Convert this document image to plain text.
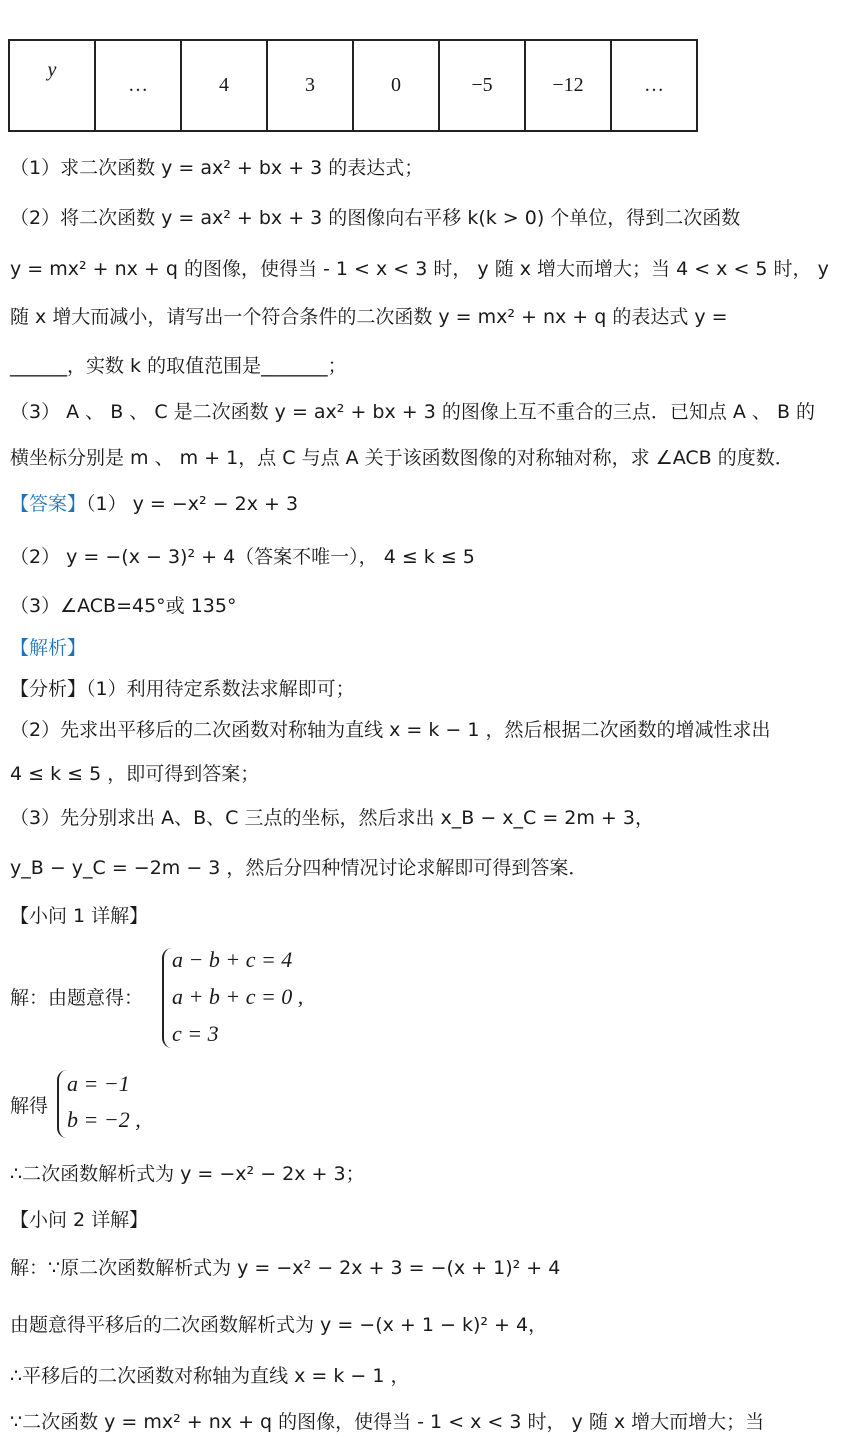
y	…	4	3	0	−5	−12	…
（1）求二次函数 y = ax² + bx + 3 的表达式；
（2）将二次函数 y = ax² + bx + 3 的图像向右平移 k(k > 0) 个单位，得到二次函数
y = mx² + nx + q 的图像，使得当 - 1 < x < 3 时， y 随 x 增大而增大；当 4 < x < 5 时， y
随 x 增大而减小，请写出一个符合条件的二次函数 y = mx² + nx + q 的表达式 y =
______，实数 k 的取值范围是_______；
（3） A 、 B 、 C 是二次函数 y = ax² + bx + 3 的图像上互不重合的三点．已知点 A 、 B 的
横坐标分别是 m 、 m + 1，点 C 与点 A 关于该函数图像的对称轴对称，求 ∠ACB 的度数．
【答案】（1） y = −x² − 2x + 3
（2） y = −(x − 3)² + 4（答案不唯一）， 4 ≤ k ≤ 5
（3）∠ACB=45°或 135°
【解析】
【分析】（1）利用待定系数法求解即可；
（2）先求出平移后的二次函数对称轴为直线 x = k − 1 ，然后根据二次函数的增减性求出
4 ≤ k ≤ 5 ，即可得到答案；
（3）先分别求出 A、B、C 三点的坐标，然后求出 x_B − x_C = 2m + 3，
y_B − y_C = −2m − 3 ，然后分四种情况讨论求解即可得到答案．
【小问 1 详解】
解：由题意得：
a − b + c = 4
a + b + c = 0 ,
c = 3
解得
a = −1
b = −2 ,
∴二次函数解析式为 y = −x² − 2x + 3；
【小问 2 详解】
解：∵原二次函数解析式为 y = −x² − 2x + 3 = −(x + 1)² + 4
由题意得平移后的二次函数解析式为 y = −(x + 1 − k)² + 4，
∴平移后的二次函数对称轴为直线 x = k − 1 ，
∵二次函数 y = mx² + nx + q 的图像，使得当 - 1 < x < 3 时， y 随 x 增大而增大；当
